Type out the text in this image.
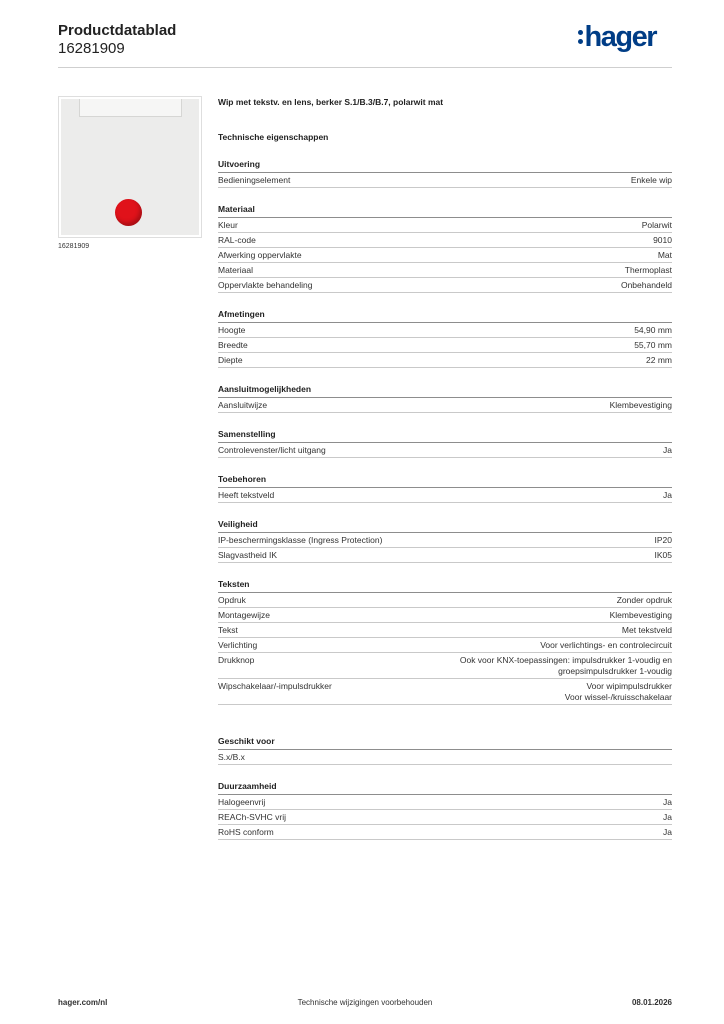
Productdatablad
16281909	hager
16281909
Wip met tekstv. en lens, berker S.1/B.3/B.7, polarwit mat
Technische eigenschappen
Uitvoering
Bedieningselement	Enkele wip
Materiaal
Kleur	Polarwit
RAL-code	9010
Afwerking oppervlakte	Mat
Materiaal	Thermoplast
Oppervlakte behandeling	Onbehandeld
Afmetingen
Hoogte	54,90 mm
Breedte	55,70 mm
Diepte	22 mm
Aansluitmogelijkheden
Aansluitwijze	Klembevestiging
Samenstelling
Controlevenster/licht uitgang	Ja
Toebehoren
Heeft tekstveld	Ja
Veiligheid
IP-beschermingsklasse (Ingress Protection)	IP20
Slagvastheid IK	IK05
Teksten
Opdruk	Zonder opdruk
Montagewijze	Klembevestiging
Tekst	Met tekstveld
Verlichting	Voor verlichtings- en controlecircuit
Drukknop	Ook voor KNX-toepassingen: impulsdrukker 1-voudig en
groepsimpulsdrukker 1-voudig
Wipschakelaar/-impulsdrukker	Voor wipimpulsdrukker
Voor wissel-/kruisschakelaar
Geschikt voor
S.x/B.x
Duurzaamheid
Halogeenvrij	Ja
REACh-SVHC vrij	Ja
RoHS conform	Ja
hager.com/nl	Technische wijzigingen voorbehouden	08.01.2026
